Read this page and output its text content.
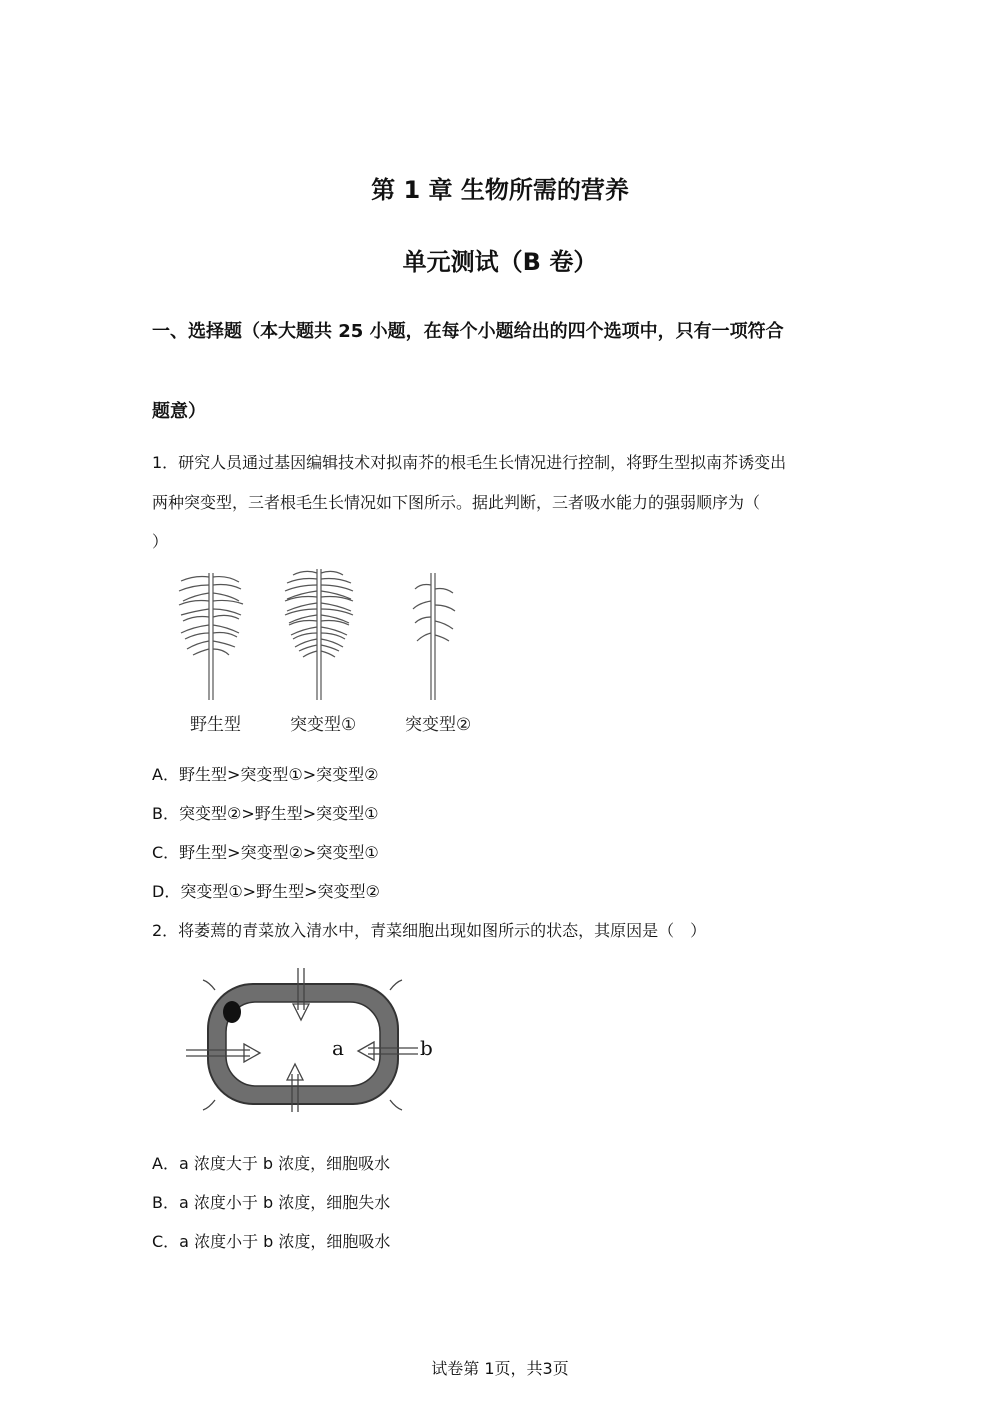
第 1 章 生物所需的营养
单元测试（B 卷）
一、选择题（本大题共 25 小题，在每个小题给出的四个选项中，只有一项符合
题意）
1．研究人员通过基因编辑技术对拟南芥的根毛生长情况进行控制，将野生型拟南芥诱变出
两种突变型，三者根毛生长情况如下图所示。据此判断，三者吸水能力的强弱顺序为（
）
野生型	突变型①	突变型②
A．野生型>突变型①>突变型②
B．突变型②>野生型>突变型①
C．野生型>突变型②>突变型①
D．突变型①>野生型>突变型②
2．将萎蔫的青菜放入清水中，青菜细胞出现如图所示的状态，其原因是（　）
a	b
A．a 浓度大于 b 浓度，细胞吸水
B．a 浓度小于 b 浓度，细胞失水
C．a 浓度小于 b 浓度，细胞吸水
试卷第 1页，共3页
